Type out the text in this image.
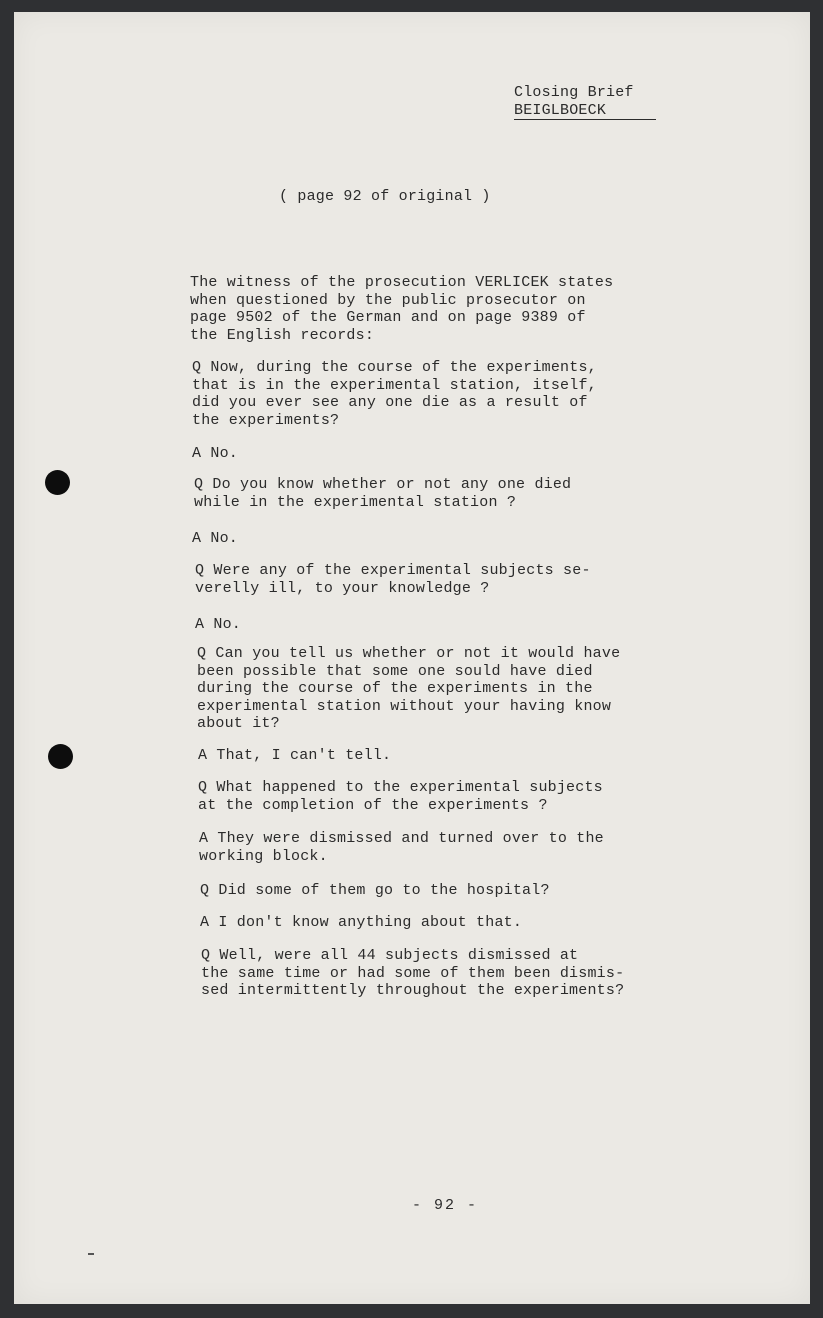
Closing Brief
BEIGLBOECK
( page 92 of original )
The witness of the prosecution VERLICEK states
when questioned by the public prosecutor on
page 9502 of the German and on page 9389 of
the English records:
Q Now, during the course of the experiments,
that is in the experimental station, itself,
did you ever see any one die as a result of
the experiments?
A No.
Q Do you know whether or not any one died
while in the experimental station ?
A No.
Q Were any of the experimental subjects se-
verelly ill, to your knowledge ?
A No.
Q Can you tell us whether or not it would have
been possible that some one sould have died
during the course of the experiments in the
experimental station without your having know
about it?
A That, I can't tell.
Q What happened to the experimental subjects
at the completion of the experiments ?
A They were dismissed and turned over to the
working block.
Q Did some of them go to the hospital?
A I don't know anything about that.
Q Well, were all 44 subjects dismissed at
the same time or had some of them been dismis-
sed intermittently throughout the experiments?
- 92 -
